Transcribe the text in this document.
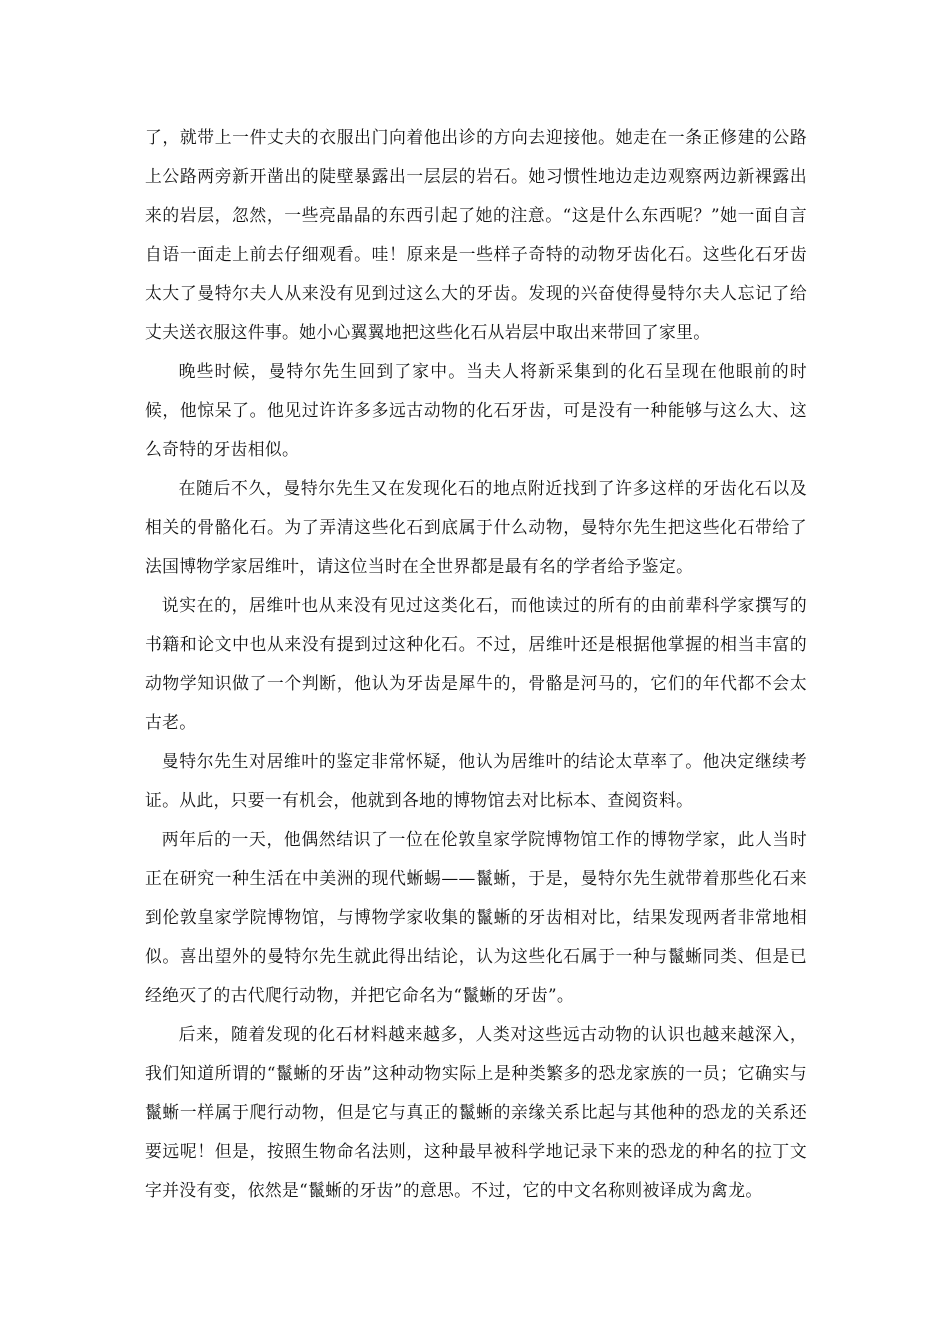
了，就带上一件丈夫的衣服出门向着他出诊的方向去迎接他。她走在一条正修建的公路上公路两旁新开凿出的陡壁暴露出一层层的岩石。她习惯性地边走边观察两边新裸露出来的岩层，忽然，一些亮晶晶的东西引起了她的注意。“这是什么东西呢？”她一面自言自语一面走上前去仔细观看。哇！原来是一些样子奇特的动物牙齿化石。这些化石牙齿太大了曼特尔夫人从来没有见到过这么大的牙齿。发现的兴奋使得曼特尔夫人忘记了给丈夫送衣服这件事。她小心翼翼地把这些化石从岩层中取出来带回了家里。

晚些时候，曼特尔先生回到了家中。当夫人将新采集到的化石呈现在他眼前的时候，他惊呆了。他见过许许多多远古动物的化石牙齿，可是没有一种能够与这么大、这么奇特的牙齿相似。

在随后不久，曼特尔先生又在发现化石的地点附近找到了许多这样的牙齿化石以及相关的骨骼化石。为了弄清这些化石到底属于什么动物，曼特尔先生把这些化石带给了法国博物学家居维叶，请这位当时在全世界都是最有名的学者给予鉴定。

说实在的，居维叶也从来没有见过这类化石，而他读过的所有的由前辈科学家撰写的书籍和论文中也从来没有提到过这种化石。不过，居维叶还是根据他掌握的相当丰富的动物学知识做了一个判断，他认为牙齿是犀牛的，骨骼是河马的，它们的年代都不会太古老。

曼特尔先生对居维叶的鉴定非常怀疑，他认为居维叶的结论太草率了。他决定继续考证。从此，只要一有机会，他就到各地的博物馆去对比标本、查阅资料。

两年后的一天，他偶然结识了一位在伦敦皇家学院博物馆工作的博物学家，此人当时正在研究一种生活在中美洲的现代蜥蜴——鬣蜥，于是，曼特尔先生就带着那些化石来到伦敦皇家学院博物馆，与博物学家收集的鬣蜥的牙齿相对比，结果发现两者非常地相似。喜出望外的曼特尔先生就此得出结论，认为这些化石属于一种与鬣蜥同类、但是已经绝灭了的古代爬行动物，并把它命名为“鬣蜥的牙齿”。

后来，随着发现的化石材料越来越多，人类对这些远古动物的认识也越来越深入，我们知道所谓的“鬣蜥的牙齿”这种动物实际上是种类繁多的恐龙家族的一员；它确实与鬣蜥一样属于爬行动物，但是它与真正的鬣蜥的亲缘关系比起与其他种的恐龙的关系还要远呢！但是，按照生物命名法则，这种最早被科学地记录下来的恐龙的种名的拉丁文字并没有变，依然是“鬣蜥的牙齿”的意思。不过，它的中文名称则被译成为禽龙。
